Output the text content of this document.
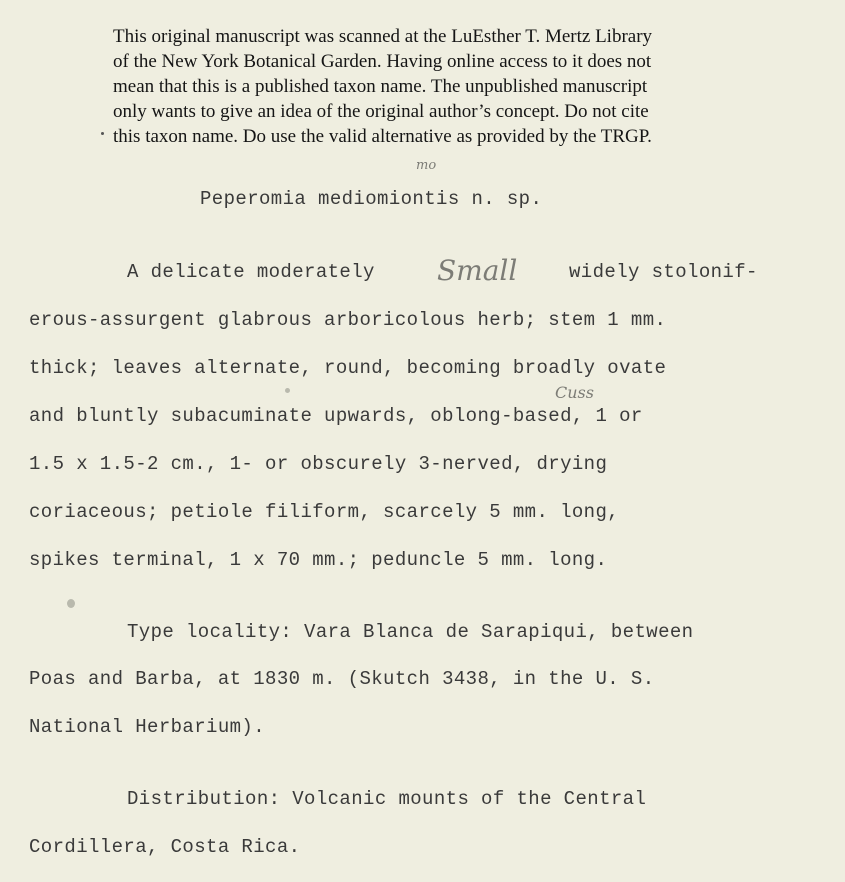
This original manuscript was scanned at the LuEsther T. Mertz Library
of the New York Botanical Garden. Having online access to it does not
mean that this is a published taxon name. The unpublished manuscript
only wants to give an idea of the original author’s concept. Do not cite
this taxon name. Do use the valid alternative as provided by the TRGP.
mo
Peperomia mediomiontis n. sp.
A delicate moderately Small	widely stolonif-
erous-assurgent glabrous arboricolous herb; stem 1 mm.
thick; leaves alternate, round, becoming broadly ovate
Cuss
and bluntly subacuminate upwards, oblong-based, 1 or
1.5 x 1.5-2 cm., 1- or obscurely 3-nerved, drying
coriaceous; petiole filiform, scarcely 5 mm. long,
spikes terminal, 1 x 70 mm.; peduncle 5 mm. long.
Type locality: Vara Blanca de Sarapiqui, between
Poas and Barba, at 1830 m. (Skutch 3438, in the U. S.
National Herbarium).
Distribution: Volcanic mounts of the Central
Cordillera, Costa Rica.
